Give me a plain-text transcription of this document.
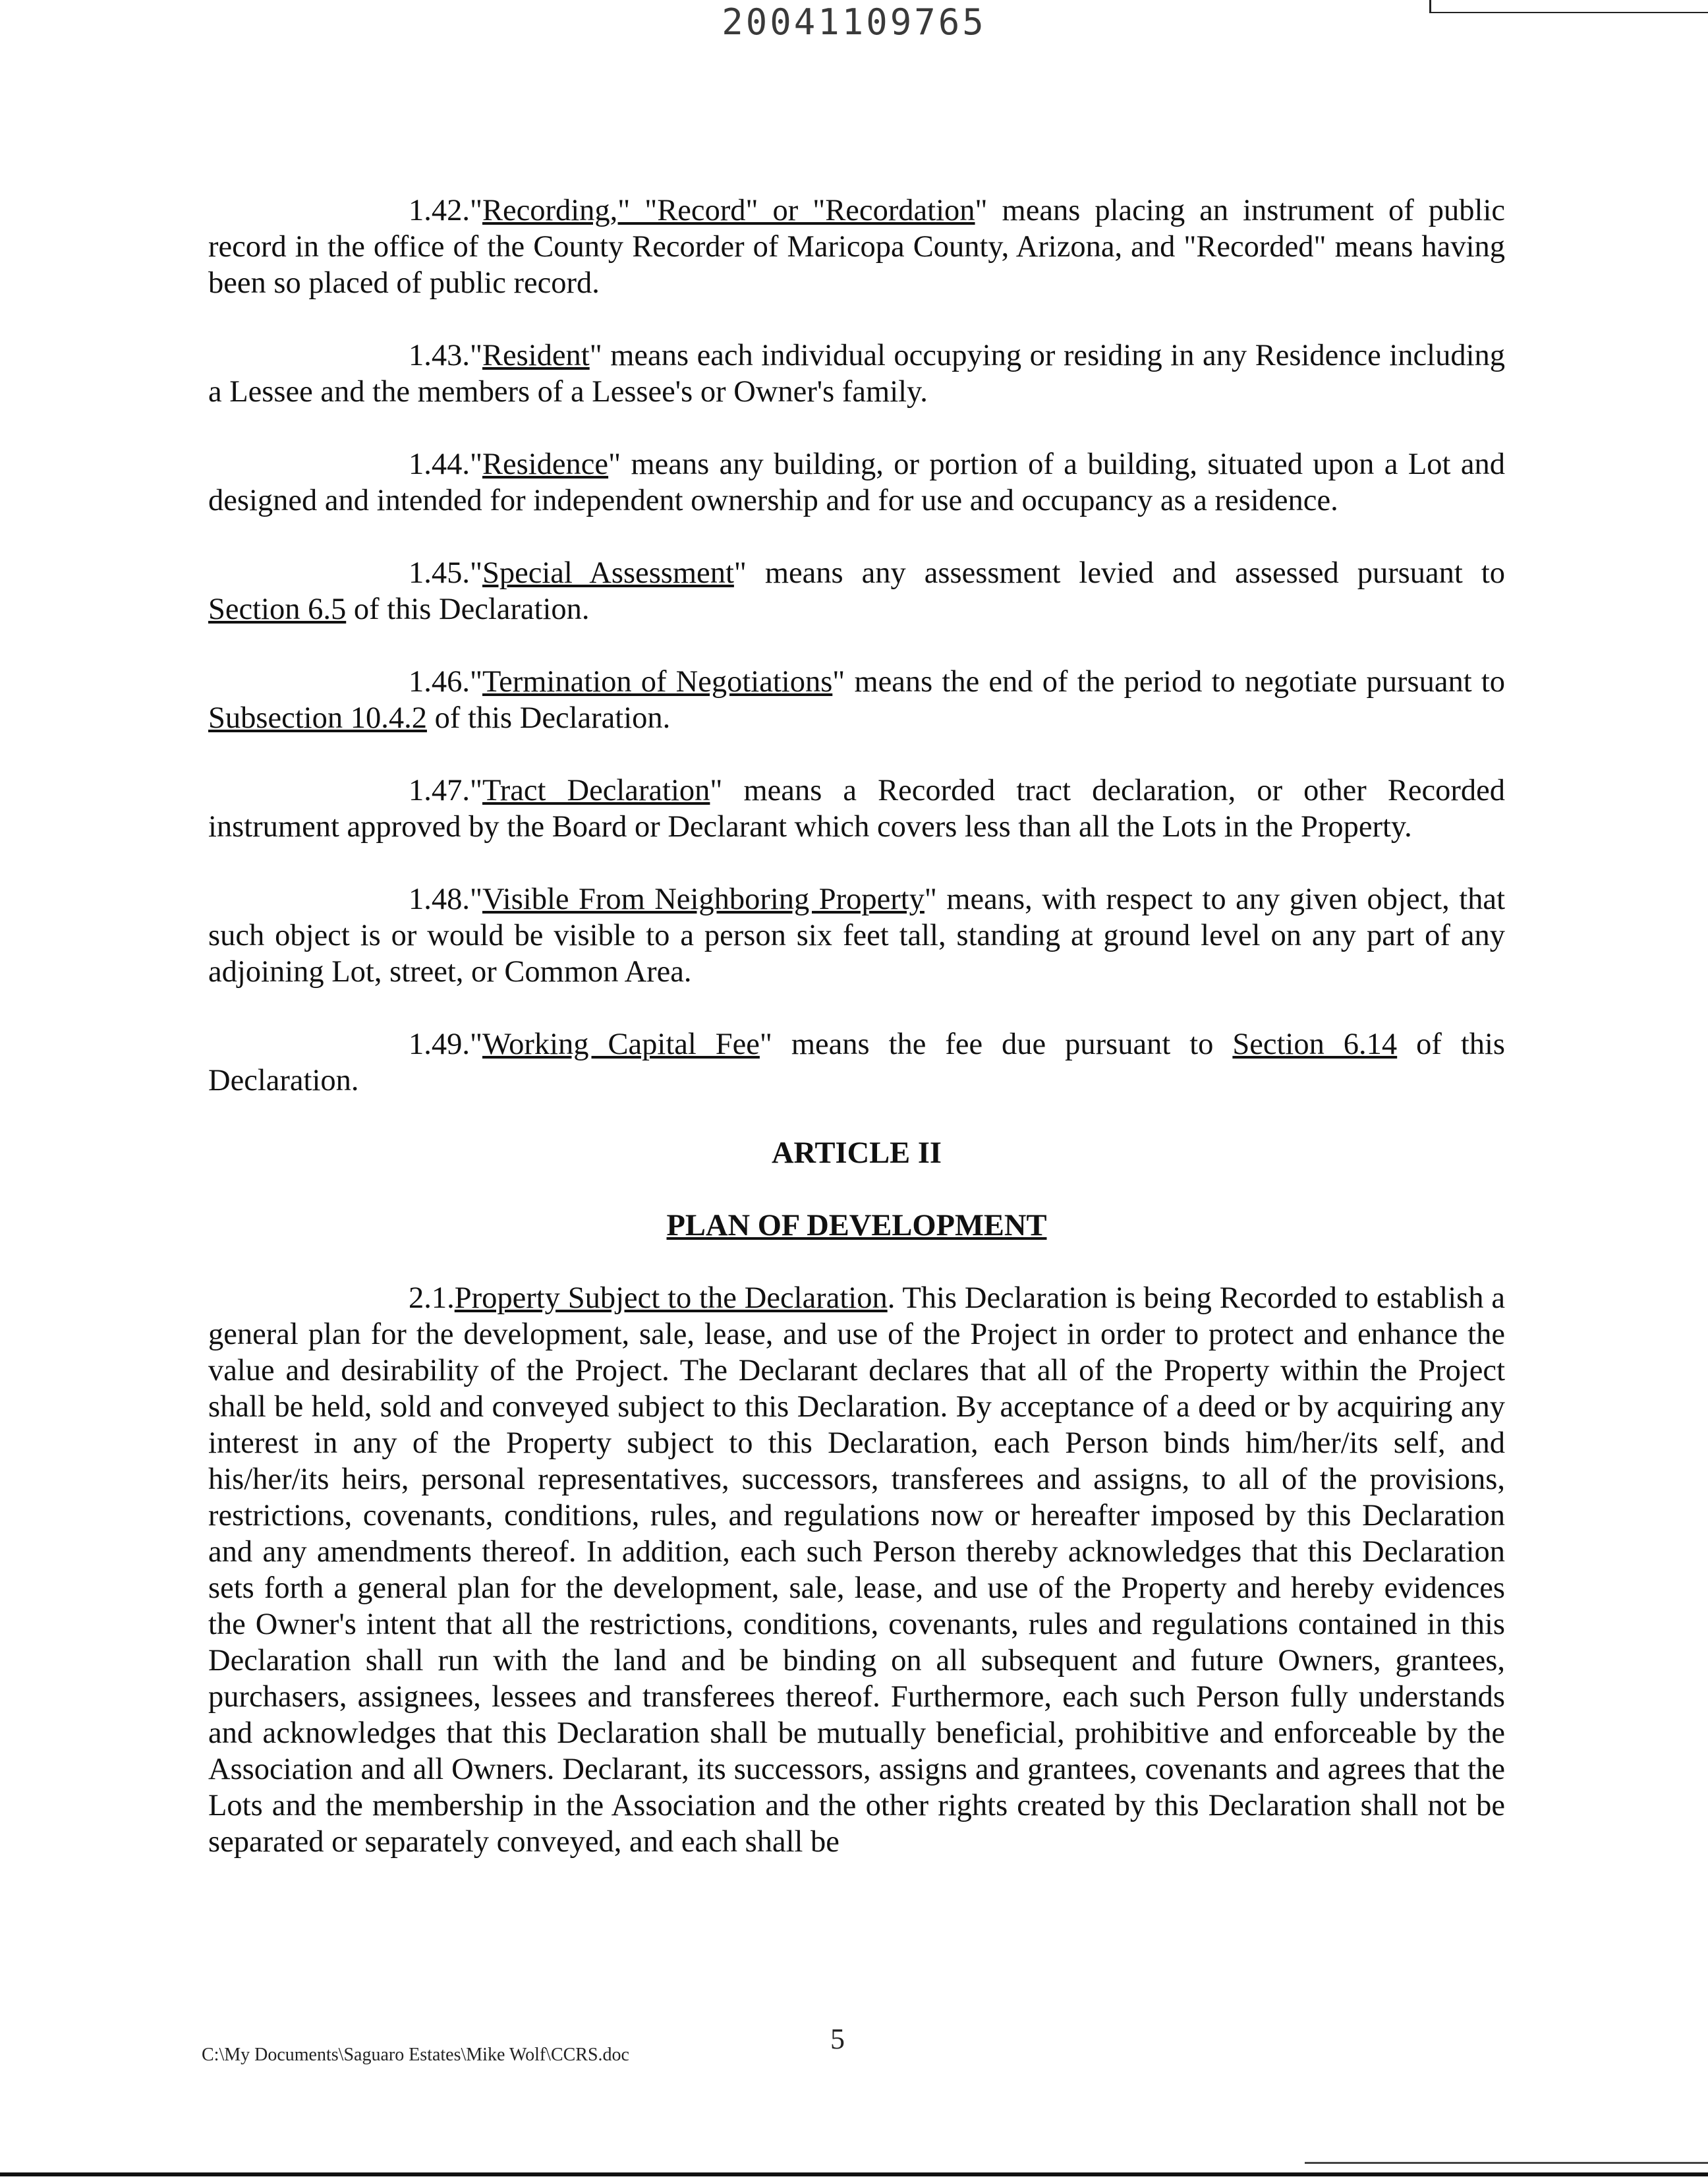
20041109765

1.42."Recording," "Record" or "Recordation" means placing an instrument of public record in the office of the County Recorder of Maricopa County, Arizona, and "Recorded" means having been so placed of public record.

1.43."Resident" means each individual occupying or residing in any Residence including a Lessee and the members of a Lessee's or Owner's family.

1.44."Residence" means any building, or portion of a building, situated upon a Lot and designed and intended for independent ownership and for use and occupancy as a residence.

1.45."Special Assessment" means any assessment levied and assessed pursuant to Section 6.5 of this Declaration.

1.46."Termination of Negotiations" means the end of the period to negotiate pursuant to Subsection 10.4.2 of this Declaration.

1.47."Tract Declaration" means a Recorded tract declaration, or other Recorded instrument approved by the Board or Declarant which covers less than all the Lots in the Property.

1.48."Visible From Neighboring Property" means, with respect to any given object, that such object is or would be visible to a person six feet tall, standing at ground level on any part of any adjoining Lot, street, or Common Area.

1.49."Working Capital Fee" means the fee due pursuant to Section 6.14 of this Declaration.

ARTICLE II

PLAN OF DEVELOPMENT

2.1.Property Subject to the Declaration. This Declaration is being Recorded to establish a general plan for the development, sale, lease, and use of the Project in order to protect and enhance the value and desirability of the Project. The Declarant declares that all of the Property within the Project shall be held, sold and conveyed subject to this Declaration. By acceptance of a deed or by acquiring any interest in any of the Property subject to this Declaration, each Person binds him/her/its self, and his/her/its heirs, personal representatives, successors, transferees and assigns, to all of the provisions, restrictions, covenants, conditions, rules, and regulations now or hereafter imposed by this Declaration and any amendments thereof. In addition, each such Person thereby acknowledges that this Declaration sets forth a general plan for the development, sale, lease, and use of the Property and hereby evidences the Owner's intent that all the restrictions, conditions, covenants, rules and regulations contained in this Declaration shall run with the land and be binding on all subsequent and future Owners, grantees, purchasers, assignees, lessees and transferees thereof. Furthermore, each such Person fully understands and acknowledges that this Declaration shall be mutually beneficial, prohibitive and enforceable by the Association and all Owners. Declarant, its successors, assigns and grantees, covenants and agrees that the Lots and the membership in the Association and the other rights created by this Declaration shall not be separated or separately conveyed, and each shall be

5
C:\My Documents\Saguaro Estates\Mike Wolf\CCRS.doc
